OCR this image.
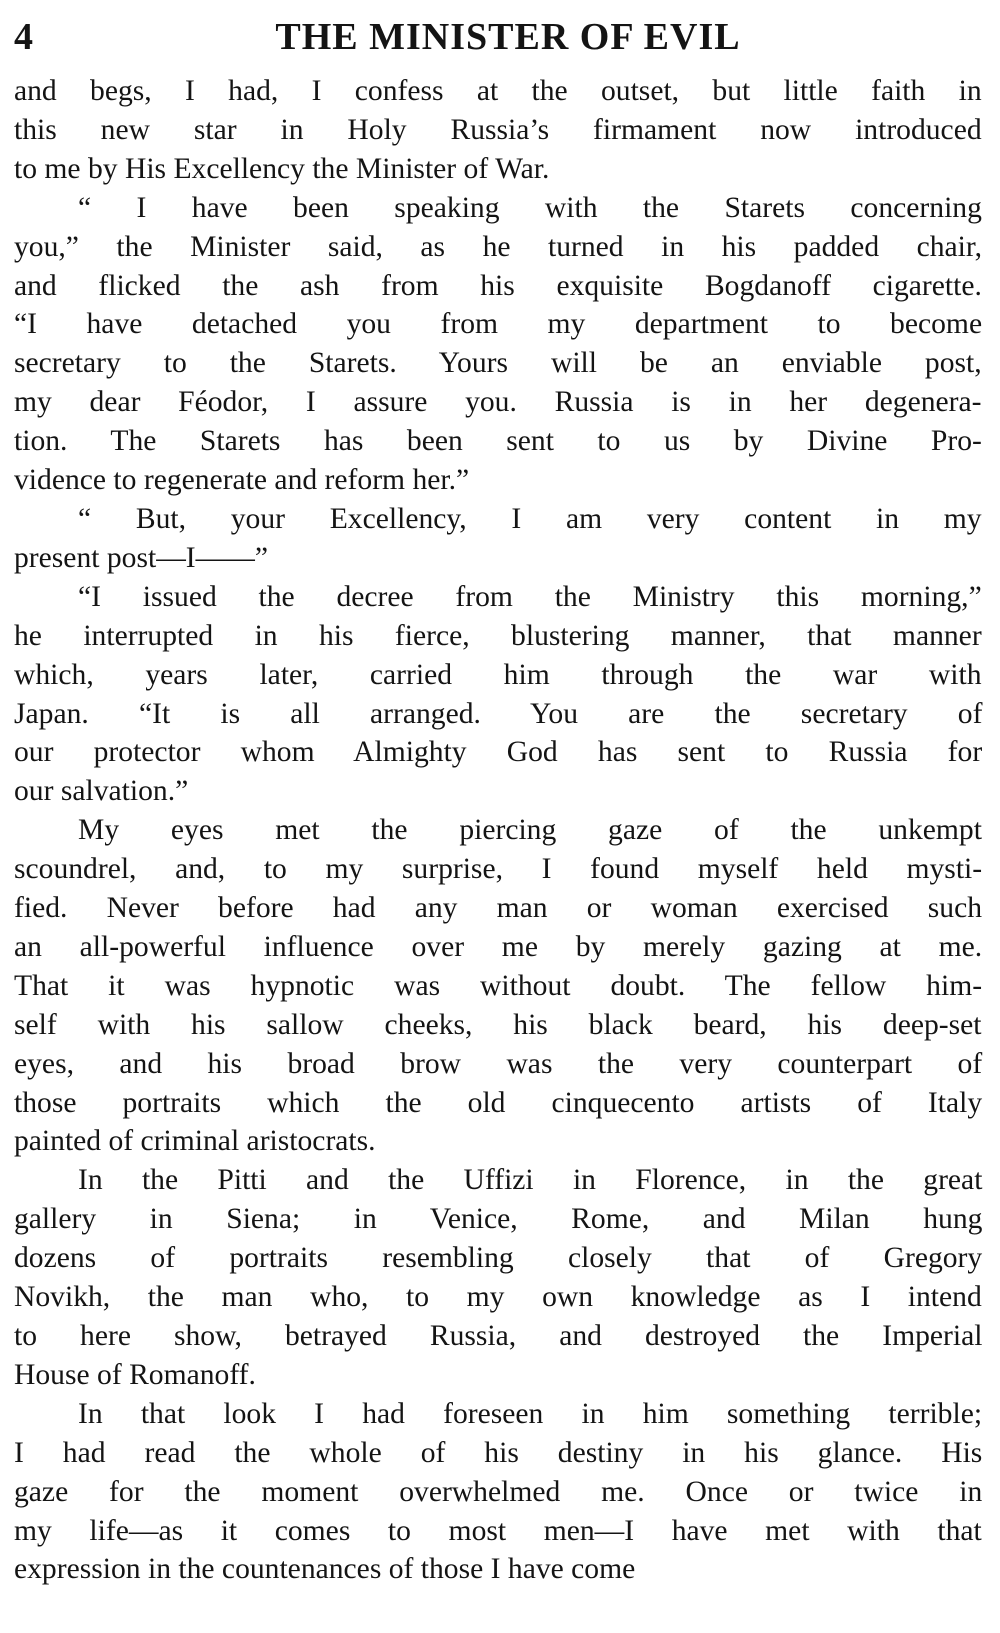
4	THE MINISTER OF EVIL
and begs, I had, I confess at the outset, but little faith in
this new star in Holy Russia’s firmament now introduced
to me by His Excellency the Minister of War.
“ I have been speaking with the Starets concerning
you,” the Minister said, as he turned in his padded chair,
and flicked the ash from his exquisite Bogdanoff cigarette.
“I have detached you from my department to become
secretary to the Starets. Yours will be an enviable post,
my dear Féodor, I assure you. Russia is in her degenera-
tion. The Starets has been sent to us by Divine Pro-
vidence to regenerate and reform her.”
“ But, your Excellency, I am very content in my
present post—I——”
“I issued the decree from the Ministry this morning,”
he interrupted in his fierce, blustering manner, that manner
which, years later, carried him through the war with
Japan. “It is all arranged. You are the secretary of
our protector whom Almighty God has sent to Russia for
our salvation.”
My eyes met the piercing gaze of the unkempt
scoundrel, and, to my surprise, I found myself held mysti-
fied. Never before had any man or woman exercised such
an all-powerful influence over me by merely gazing at me.
That it was hypnotic was without doubt. The fellow him-
self with his sallow cheeks, his black beard, his deep-set
eyes, and his broad brow was the very counterpart of
those portraits which the old cinquecento artists of Italy
painted of criminal aristocrats.
In the Pitti and the Uffizi in Florence, in the great
gallery in Siena; in Venice, Rome, and Milan hung
dozens of portraits resembling closely that of Gregory
Novikh, the man who, to my own knowledge as I intend
to here show, betrayed Russia, and destroyed the Imperial
House of Romanoff.
In that look I had foreseen in him something terrible;
I had read the whole of his destiny in his glance. His
gaze for the moment overwhelmed me. Once or twice in
my life—as it comes to most men—I have met with that
expression in the countenances of those I have come
